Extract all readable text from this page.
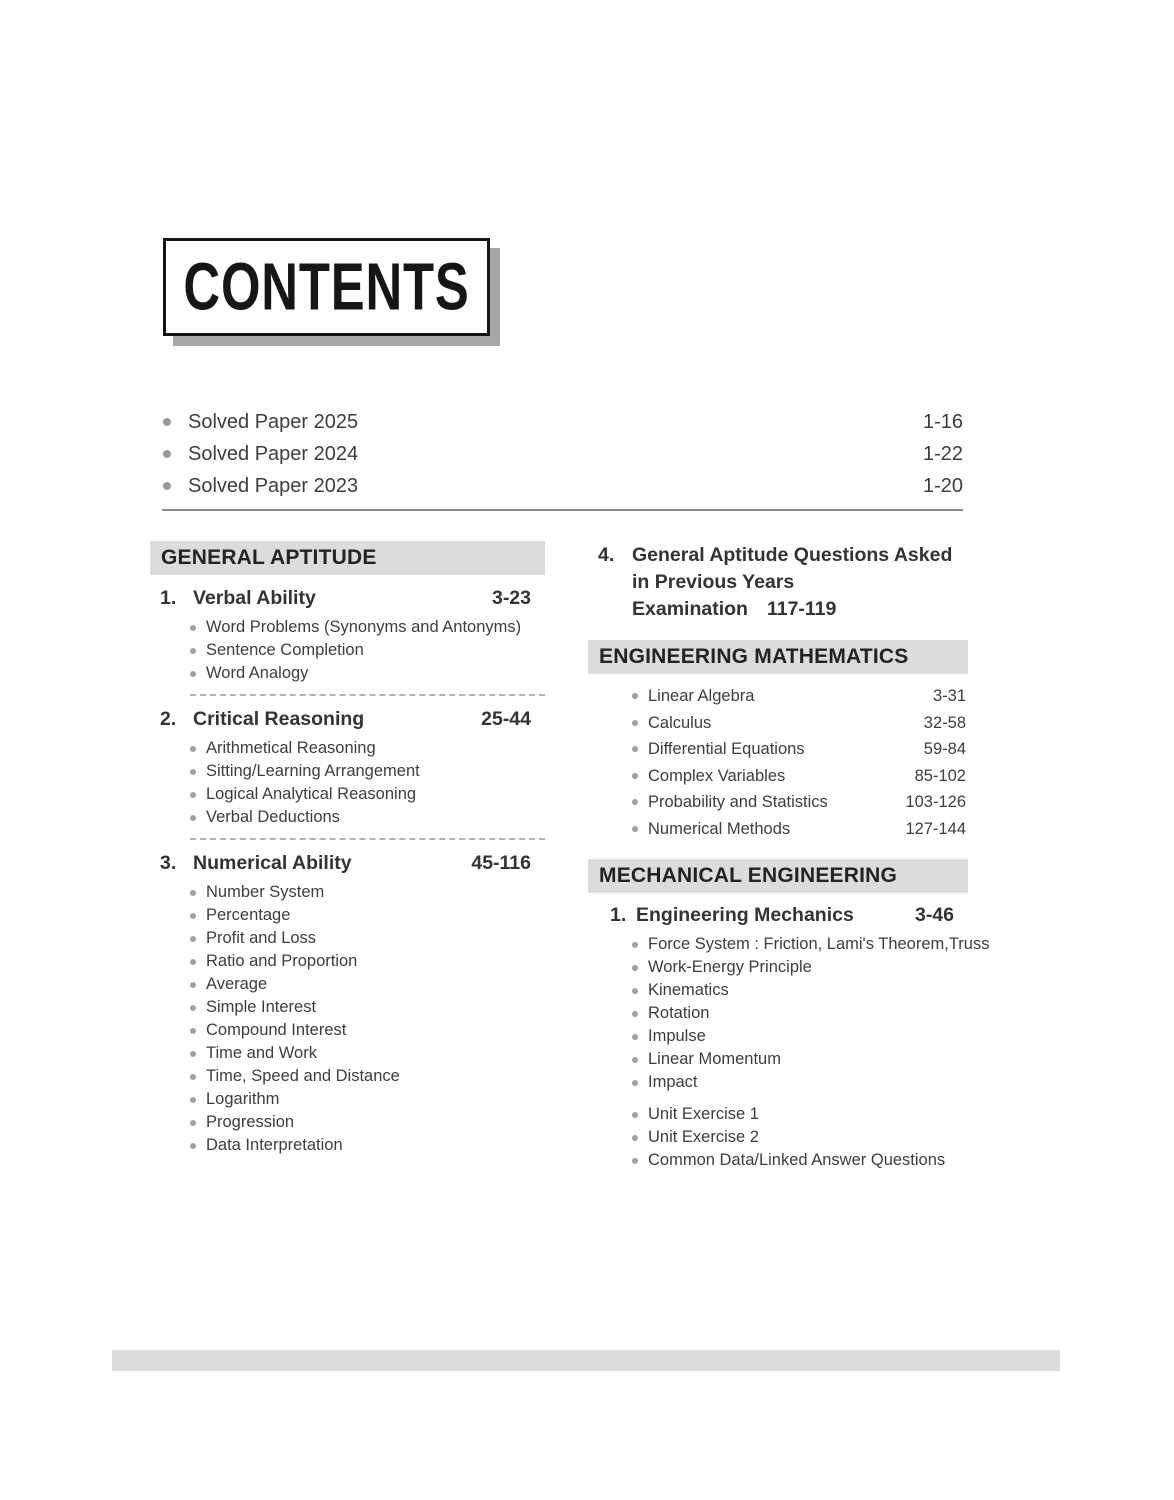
CONTENTS
Solved Paper 2025	1-16
Solved Paper 2024	1-22
Solved Paper 2023	1-20
GENERAL APTITUDE
1. Verbal Ability	3-23
Word Problems (Synonyms and Antonyms)
Sentence Completion
Word Analogy
2. Critical Reasoning	25-44
Arithmetical Reasoning
Sitting/Learning Arrangement
Logical Analytical Reasoning
Verbal Deductions
3. Numerical Ability	45-116
Number System
Percentage
Profit and Loss
Ratio and Proportion
Average
Simple Interest
Compound Interest
Time and Work
Time, Speed and Distance
Logarithm
Progression
Data Interpretation
4. General Aptitude Questions Asked in Previous Years Examination 117-119
ENGINEERING MATHEMATICS
Linear Algebra	3-31
Calculus	32-58
Differential Equations	59-84
Complex Variables	85-102
Probability and Statistics	103-126
Numerical Methods	127-144
MECHANICAL ENGINEERING
1. Engineering Mechanics	3-46
Force System : Friction, Lami's Theorem,Truss
Work-Energy Principle
Kinematics
Rotation
Impulse
Linear Momentum
Impact
Unit Exercise 1
Unit Exercise 2
Common Data/Linked Answer Questions
